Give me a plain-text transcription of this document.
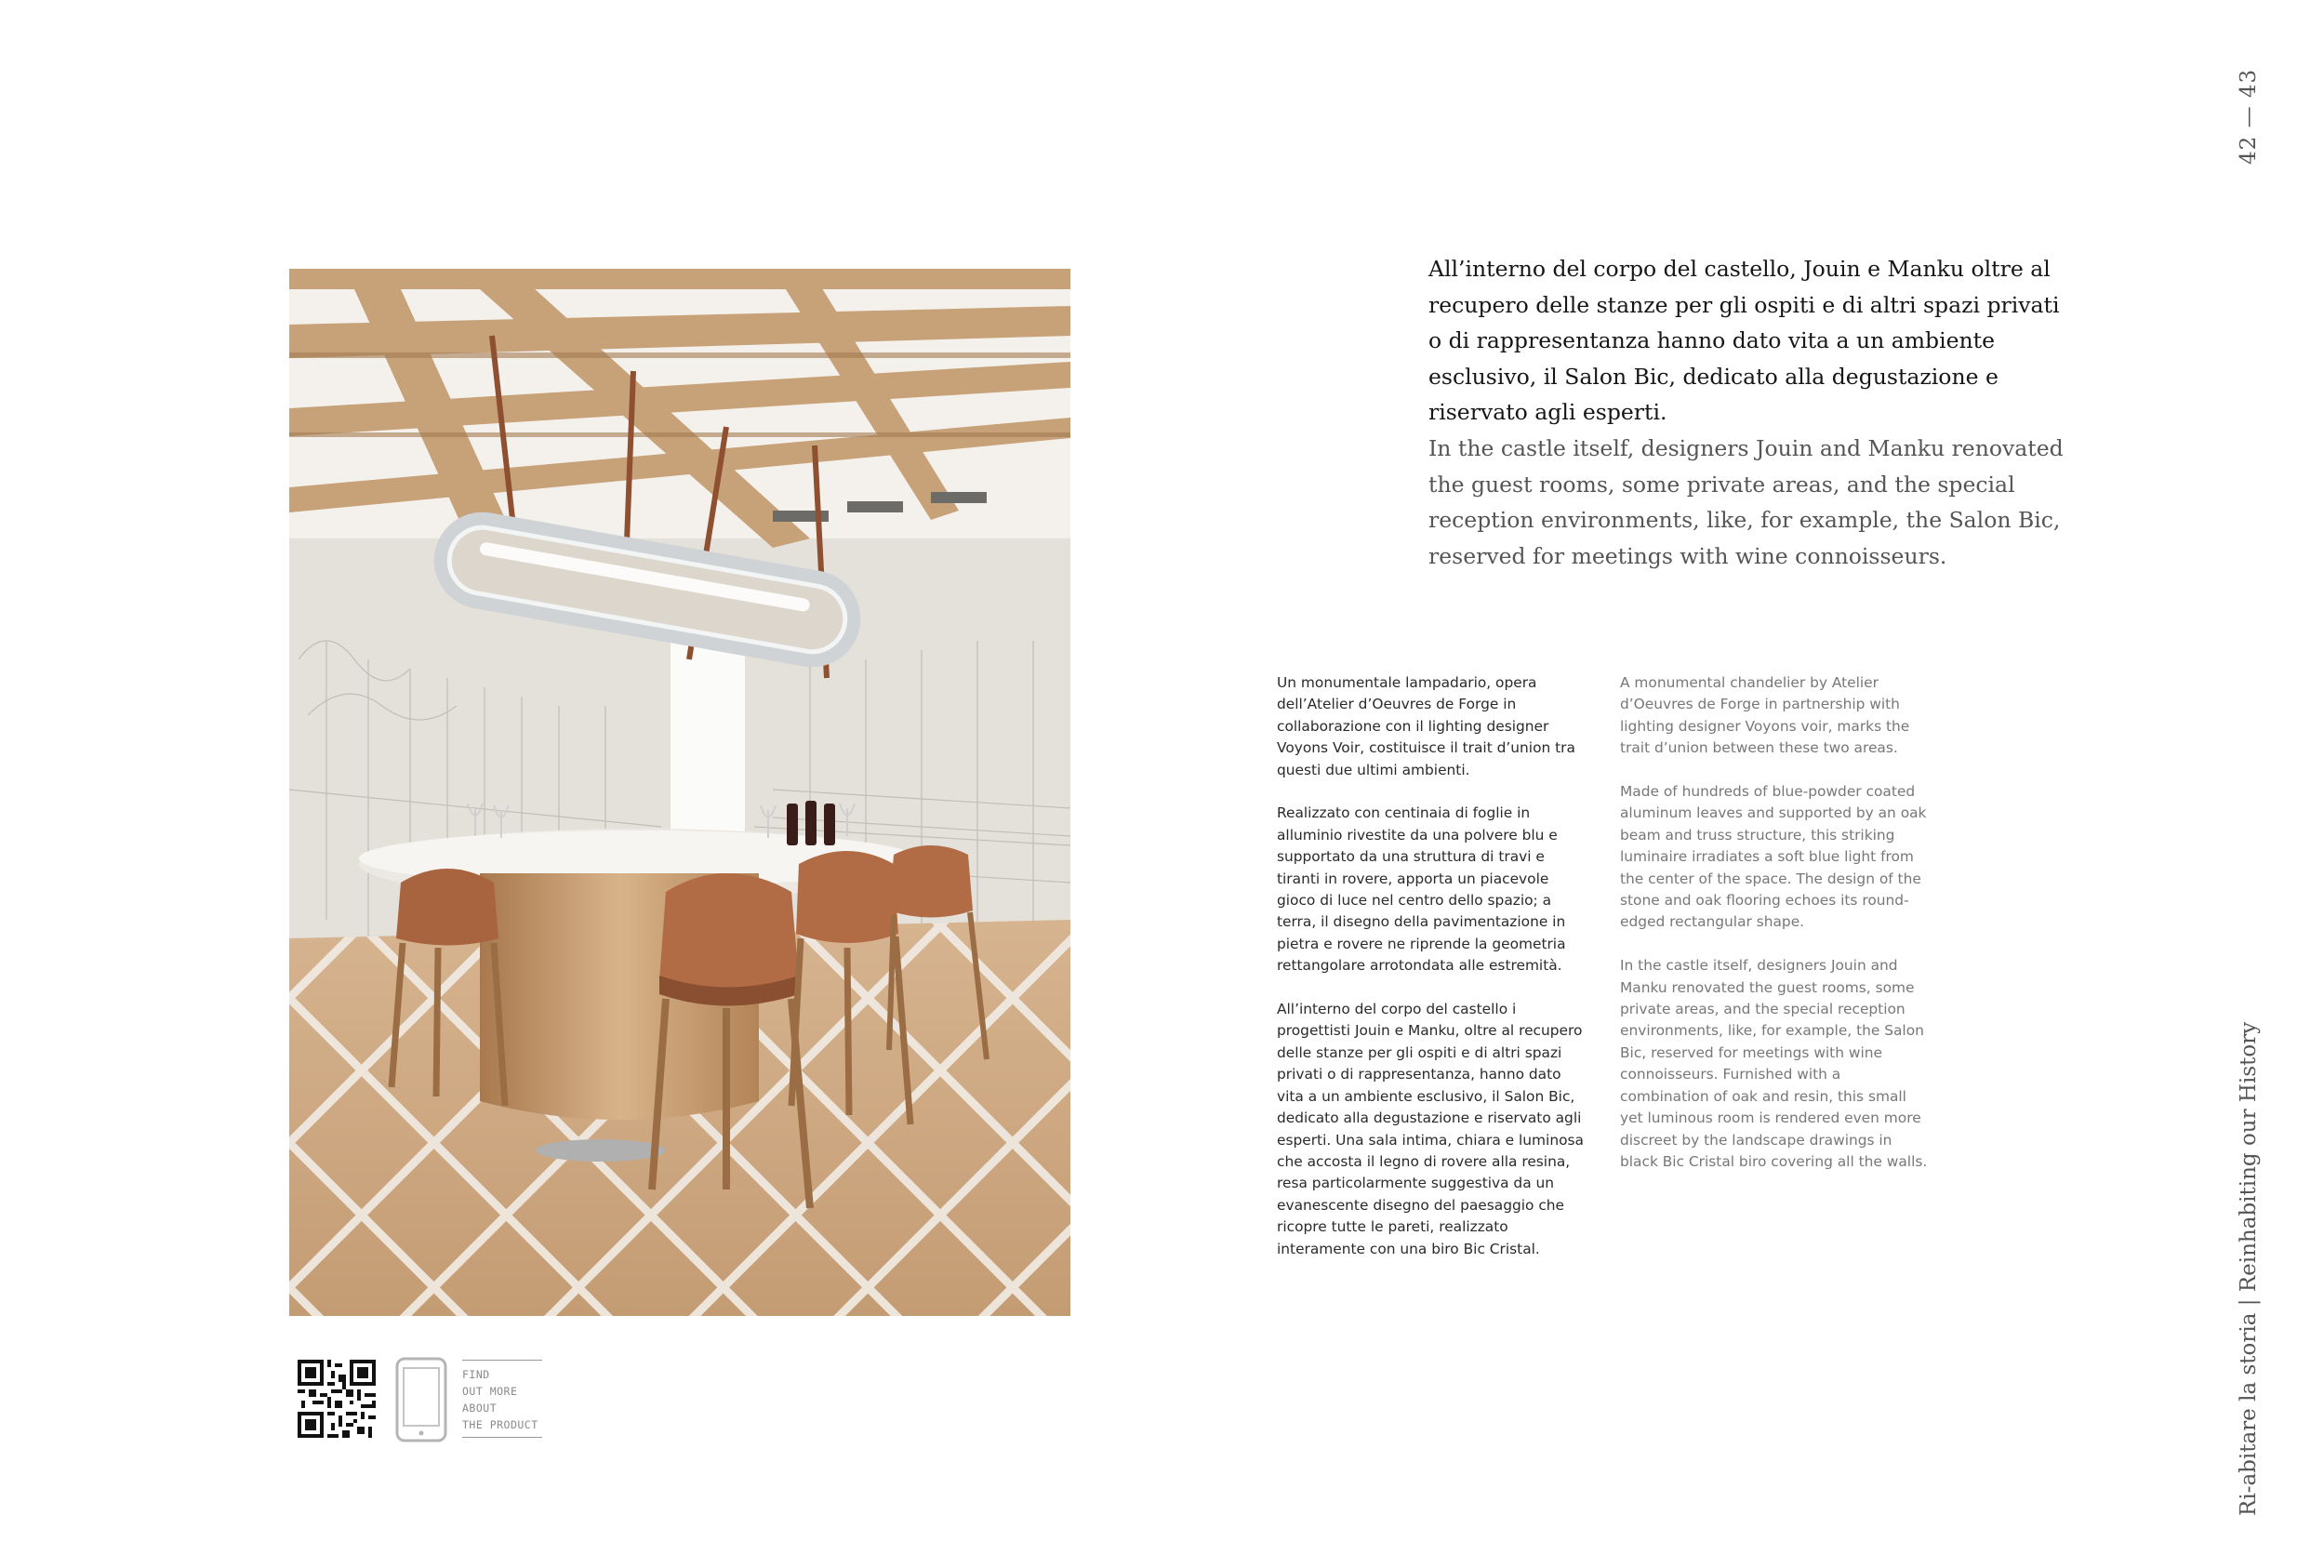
42 — 43
Ri-abitare la storia | Reinhabiting our History

All’interno del corpo del castello, Jouin e Manku oltre al recupero delle stanze per gli ospiti e di altri spazi privati o di rappresentanza hanno dato vita a un ambiente esclusivo, il Salon Bic, dedicato alla degustazione e riservato agli esperti.

In the castle itself, designers Jouin and Manku renovated the guest rooms, some private areas, and the special reception environments, like, for example, the Salon Bic, reserved for meetings with wine connoisseurs.

Un monumentale lampadario, opera dell’Atelier d’Oeuvres de Forge in collaborazione con il lighting designer Voyons Voir, costituisce il trait d’union tra questi due ultimi ambienti.

Realizzato con centinaia di foglie in alluminio rivestite da una polvere blu e supportato da una struttura di travi e tiranti in rovere, apporta un piacevole gioco di luce nel centro dello spazio; a terra, il disegno della pavimentazione in pietra e rovere ne riprende la geometria rettangolare arrotondata alle estremità.

All’interno del corpo del castello i progettisti Jouin e Manku, oltre al recupero delle stanze per gli ospiti e di altri spazi privati o di rappresentanza, hanno dato vita a un ambiente esclusivo, il Salon Bic, dedicato alla degustazione e riservato agli esperti. Una sala intima, chiara e luminosa che accosta il legno di rovere alla resina, resa particolarmente suggestiva da un evanescente disegno del paesaggio che ricopre tutte le pareti, realizzato interamente con una biro Bic Cristal.

A monumental chandelier by Atelier d’Oeuvres de Forge in partnership with lighting designer Voyons voir, marks the trait d’union between these two areas.

Made of hundreds of blue-powder coated aluminum leaves and supported by an oak beam and truss structure, this striking luminaire irradiates a soft blue light from the center of the space. The design of the stone and oak flooring echoes its round-edged rectangular shape.

In the castle itself, designers Jouin and Manku renovated the guest rooms, some private areas, and the special reception environments, like, for example, the Salon Bic, reserved for meetings with wine connoisseurs. Furnished with a combination of oak and resin, this small yet luminous room is rendered even more discreet by the landscape drawings in black Bic Cristal biro covering all the walls.

FIND
OUT MORE
ABOUT
THE PRODUCT
